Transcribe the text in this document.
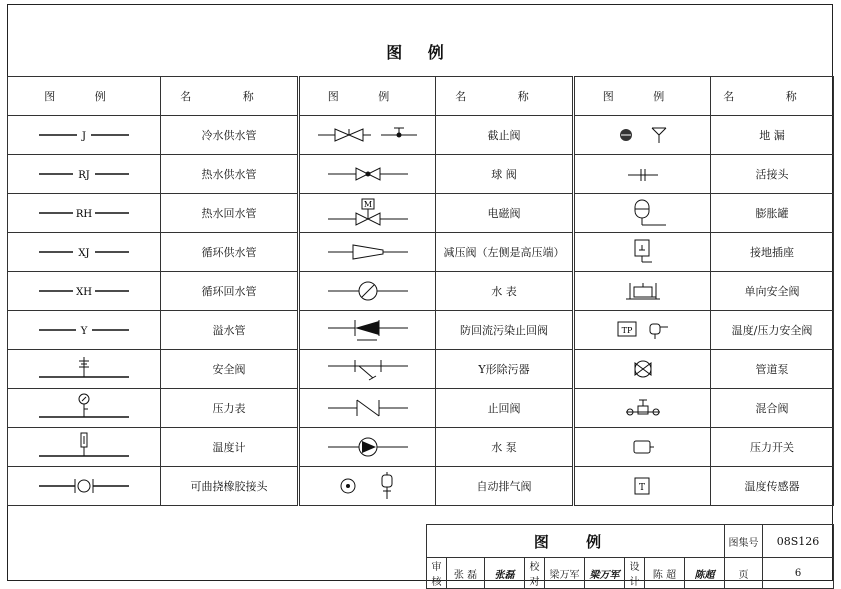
图 例
图 例	名 称	图 例	名 称	图 例	名 称

J	冷水供水管		截止阀		地 漏

RJ	热水供水管		球 阀		活接头

RH	热水回水管	M	电磁阀		膨胀罐

XJ	循环供水管		减压阀（左侧是高压端）		接地插座

XH	循环回水管		水 表		单向安全阀

Y	溢水管		防回流污染止回阀	TP	温度/压力安全阀

	安全阀		Y形除污器		管道泵

	压力表		止回阀		混合阀

	温度计		水 泵		压力开关

	可曲挠橡胶接头		自动排气阀	T	温度传感器
图 例									图集号	08S126
审核	张 磊	张磊	校对	梁万军	梁万军	设计	陈 超	陈超	页	6
